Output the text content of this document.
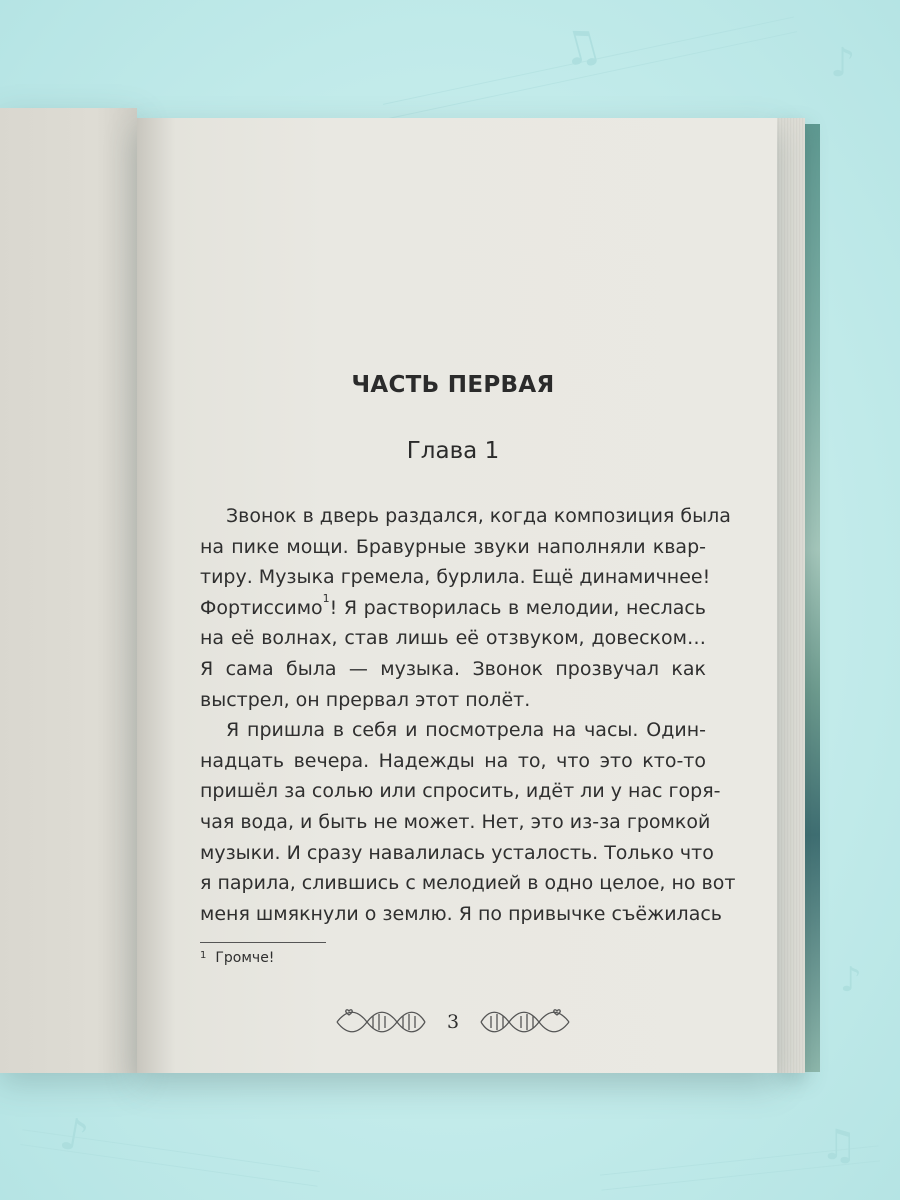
♫	♪
♪	♫
♪
ЧАСТЬ ПЕРВАЯ
Глава 1
Звонок в дверь раздался, когда композиция была
на пике мощи. Бравурные звуки наполняли квар-
тиру. Музыка гремела, бурлила. Ещё динамичнее!
Фортиссимо$^1$! Я растворилась в мелодии, неслась
на её волнах, став лишь её отзвуком, довеском…
Я сама была — музыка. Звонок прозвучал как
выстрел, он прервал этот полёт.
Я пришла в себя и посмотрела на часы. Один-
надцать вечера. Надежды на то, что это кто-то
пришёл за солью или спросить, идёт ли у нас горя-
чая вода, и быть не может. Нет, это из-за громкой
музыки. И сразу навалилась усталость. Только что
я парила, слившись с мелодией в одно целое, но вот
меня шмякнули о землю. Я по привычке съёжилась
$^1$ Громче!
3
